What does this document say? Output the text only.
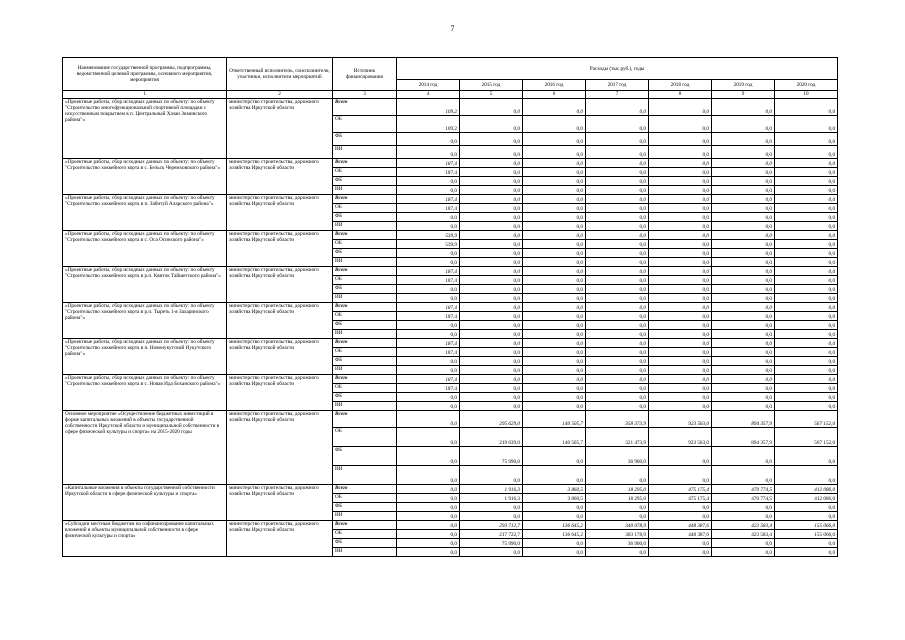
7
Наименование государственной программы, подпрограммы, ведомственной целевой программы, основного мероприятия, мероприятия	Ответственный исполнитель, соисполнители, участники, исполнители мероприятий	Источник финансирования	Расходы (тыс.руб.), годы						
			2014 год	2015 год	2016 год	2017 год	2018 год	2019 год	2020 год
1	2	3	4	5	6	7	8	9	10
«Проектные работы, сбор исходных данных по объекту: по объекту "Строительство многофункциональной спортивной площадки с искусственным покрытием в п. Центральный Хазан Зиминского района"»	министерство строительства, дорожного хозяйства Иркутской области	Всего	109,2	0,0	0,0	0,0	0,0	0,0	0,0
		ОБ	109,2	0,0	0,0	0,0	0,0	0,0	0,0
		ФБ	0,0	0,0	0,0	0,0	0,0	0,0	0,0
		ИИ	0,0	0,0	0,0	0,0	0,0	0,0	0,0
«Проектные работы, сбор исходных данных по объекту: по объекту "Строительство хоккейного корта в с. Бельск Черемховского района"»	министерство строительства, дорожного хозяйства Иркутской области	Всего	187,4	0,0	0,0	0,0	0,0	0,0	0,0
		ОБ	187,4	0,0	0,0	0,0	0,0	0,0	0,0
		ФБ	0,0	0,0	0,0	0,0	0,0	0,0	0,0
		ИИ	0,0	0,0	0,0	0,0	0,0	0,0	0,0
«Проектные работы, сбор исходных данных по объекту: по объекту "Строительство хоккейного корта в п. Забитуй Аларского района"»	министерство строительства, дорожного хозяйства Иркутской области	Всего	187,4	0,0	0,0	0,0	0,0	0,0	0,0
		ОБ	187,4	0,0	0,0	0,0	0,0	0,0	0,0
		ФБ	0,0	0,0	0,0	0,0	0,0	0,0	0,0
		ИИ	0,0	0,0	0,0	0,0	0,0	0,0	0,0
«Проектные работы, сбор исходных данных по объекту: по объекту "Строительство хоккейного корта в с. Оса Осинского района"»	министерство строительства, дорожного хозяйства Иркутской области	Всего	539,9	0,0	0,0	0,0	0,0	0,0	0,0
		ОБ	539,9	0,0	0,0	0,0	0,0	0,0	0,0
		ФБ	0,0	0,0	0,0	0,0	0,0	0,0	0,0
		ИИ	0,0	0,0	0,0	0,0	0,0	0,0	0,0
«Проектные работы, сбор исходных данных по объекту: по объекту "Строительство хоккейного корта в р.п. Квиток Тайшетского района"»	министерство строительства, дорожного хозяйства Иркутской области	Всего	187,4	0,0	0,0	0,0	0,0	0,0	0,0
		ОБ	187,4	0,0	0,0	0,0	0,0	0,0	0,0
		ФБ	0,0	0,0	0,0	0,0	0,0	0,0	0,0
		ИИ	0,0	0,0	0,0	0,0	0,0	0,0	0,0
«Проектные работы, сбор исходных данных по объекту: по объекту "Строительство хоккейного корта в р.п. Тыреть 1-я Заларинского района"»	министерство строительства, дорожного хозяйства Иркутской области	Всего	187,4	0,0	0,0	0,0	0,0	0,0	0,0
		ОБ	187,4	0,0	0,0	0,0	0,0	0,0	0,0
		ФБ	0,0	0,0	0,0	0,0	0,0	0,0	0,0
		ИИ	0,0	0,0	0,0	0,0	0,0	0,0	0,0
«Проектные работы, сбор исходных данных по объекту: по объекту "Строительство хоккейного корта в п. Новонукутский Нукутского района"»	министерство строительства, дорожного хозяйства Иркутской области	Всего	187,4	0,0	0,0	0,0	0,0	0,0	0,0
		ОБ	187,4	0,0	0,0	0,0	0,0	0,0	0,0
		ФБ	0,0	0,0	0,0	0,0	0,0	0,0	0,0
		ИИ	0,0	0,0	0,0	0,0	0,0	0,0	0,0
«Проектные работы, сбор исходных данных по объекту: по объекту "Строительство хоккейного корта в с. Новая Ида Боханского района"»	министерство строительства, дорожного хозяйства Иркутской области	Всего	187,4	0,0	0,0	0,0	0,0	0,0	0,0
		ОБ	187,4	0,0	0,0	0,0	0,0	0,0	0,0
		ФБ	0,0	0,0	0,0	0,0	0,0	0,0	0,0
		ИИ	0,0	0,0	0,0	0,0	0,0	0,0	0,0
Основное мероприятие «Осуществление бюджетных инвестиций в форме капитальных вложений в объекты государственной собственности Иркутской области и муниципальной собственности в сфере физической культуры и спорта» на 2015-2020 годы	министерство строительства, дорожного хозяйства Иркутской области	Всего	0,0	295 629,0	140 505,7	358 373,9	923 563,0	894 357,9	567 152,0
		ОБ	0,0	219 639,0	140 505,7	321 473,9	923 563,0	894 357,9	567 152,0
		ФБ	0,0	75 990,0	0,0	36 900,0	0,0	0,0	0,0
		ИИ	0,0	0,0	0,0	0,0	0,0	0,0	0,0
«Капитальные вложения в объекты государственной собственности Иркутской области в сфере физической культуры и спорта»	министерство строительства, дорожного хозяйства Иркутской области	Всего	0,0	1 916,3	3 860,5	18 295,0	475 175,4	470 774,5	412 086,0
		ОБ	0,0	1 916,3	3 860,5	18 295,0	475 175,4	470 774,5	412 086,0
		ФБ	0,0	0,0	0,0	0,0	0,0	0,0	0,0
		ИИ	0,0	0,0	0,0	0,0	0,0	0,0	0,0
«Субсидии местным бюджетам на софинансирование капитальных вложений в объекты муниципальной собственности в сфере физической культуры и спорта»	министерство строительства, дорожного хозяйства Иркутской области	Всего	0,0	293 712,7	136 645,2	340 078,9	448 387,6	423 583,4	155 066,0
		ОБ	0,0	217 722,7	136 645,2	303 178,9	448 387,6	423 583,4	155 066,0
		ФБ	0,0	75 990,0	0,0	36 900,0	0,0	0,0	0,0
		ИИ	0,0	0,0	0,0	0,0	0,0	0,0	0,0
